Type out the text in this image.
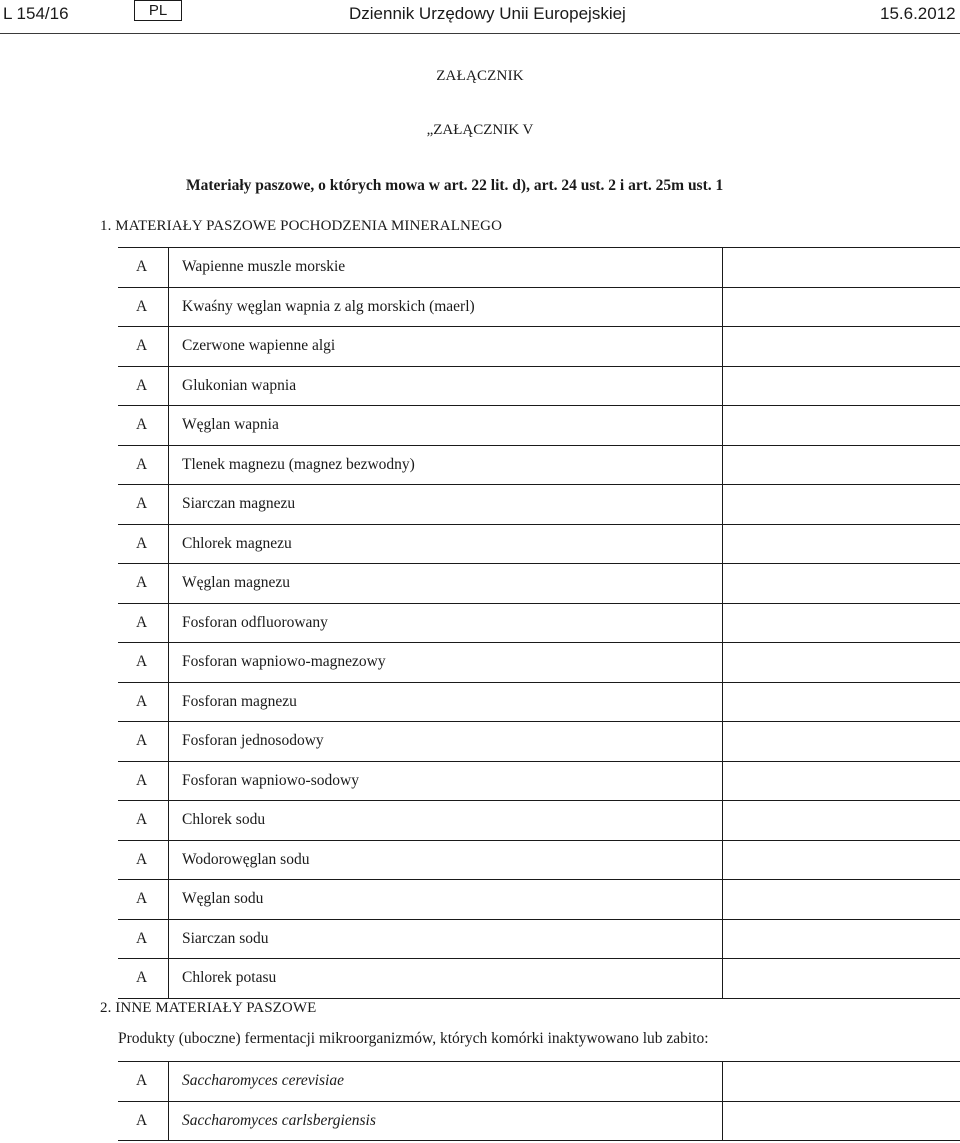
L 154/16	PL	Dziennik Urzędowy Unii Europejskiej	15.6.2012
ZAŁĄCZNIK
„ZAŁĄCZNIK V
Materiały paszowe, o których mowa w art. 22 lit. d), art. 24 ust. 2 i art. 25m ust. 1
1. MATERIAŁY PASZOWE POCHODZENIA MINERALNEGO
A Wapienne muszle morskie
A Kwaśny węglan wapnia z alg morskich (maerl)
A Czerwone wapienne algi
A Glukonian wapnia
A Węglan wapnia
A Tlenek magnezu (magnez bezwodny)
A Siarczan magnezu
A Chlorek magnezu
A Węglan magnezu
A Fosforan odfluorowany
A Fosforan wapniowo-magnezowy
A Fosforan magnezu
A Fosforan jednosodowy
A Fosforan wapniowo-sodowy
A Chlorek sodu
A Wodorowęglan sodu
A Węglan sodu
A Siarczan sodu
A Chlorek potasu
2. INNE MATERIAŁY PASZOWE
Produkty (uboczne) fermentacji mikroorganizmów, których komórki inaktywowano lub zabito:
A Saccharomyces cerevisiae
A Saccharomyces carlsbergiensis
